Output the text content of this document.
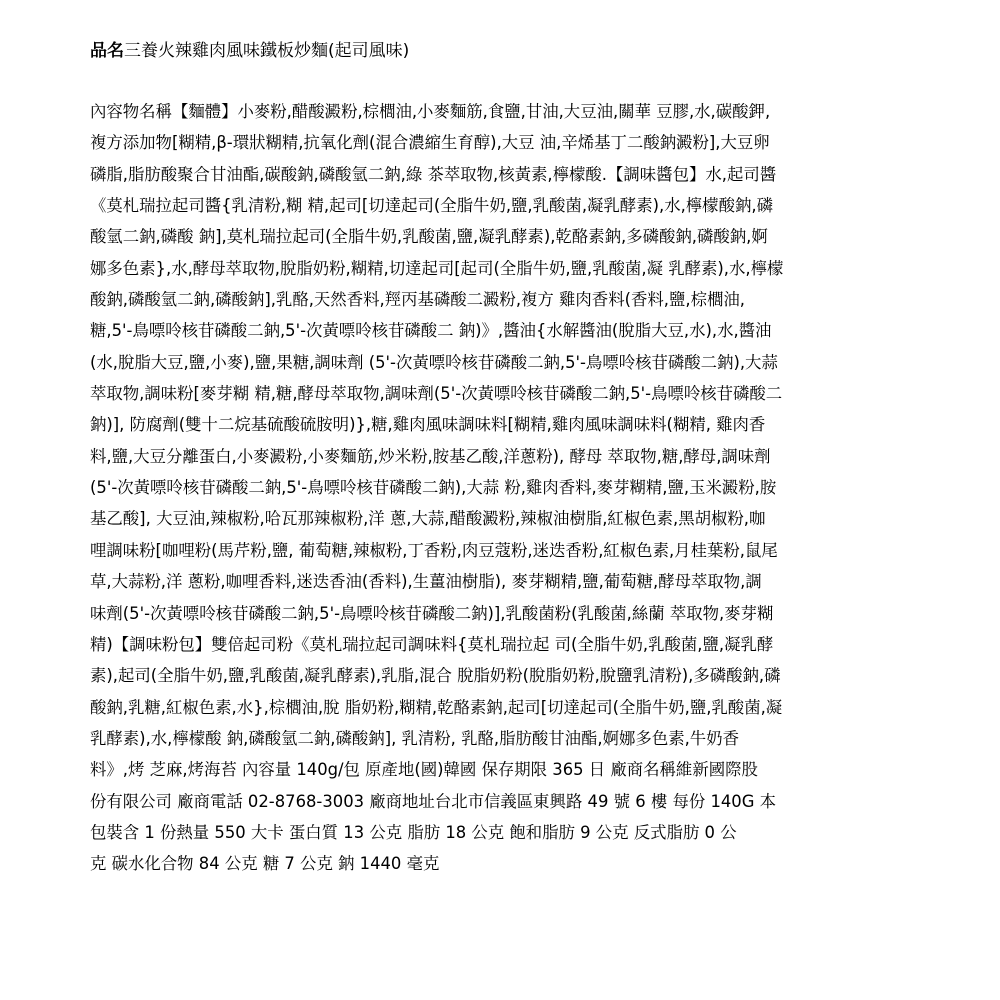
品名三養火辣雞肉風味鐵板炒麵(起司風味)
內容物名稱【麵體】小麥粉,醋酸澱粉,棕櫚油,小麥麵筋,食鹽,甘油,大豆油,關華 豆膠,水,碳酸鉀,
複方添加物[糊精,β-環狀糊精,抗氧化劑(混合濃縮生育醇),大豆 油,辛烯基丁二酸鈉澱粉],大豆卵
磷脂,脂肪酸聚合甘油酯,碳酸鈉,磷酸氫二鈉,綠 茶萃取物,核黃素,檸檬酸.【調味醬包】水,起司醬
《莫札瑞拉起司醬{乳清粉,糊 精,起司[切達起司(全脂牛奶,鹽,乳酸菌,凝乳酵素),水,檸檬酸鈉,磷
酸氫二鈉,磷酸 鈉],莫札瑞拉起司(全脂牛奶,乳酸菌,鹽,凝乳酵素),乾酪素鈉,多磷酸鈉,磷酸鈉,婀
娜多色素},水,酵母萃取物,脫脂奶粉,糊精,切達起司[起司(全脂牛奶,鹽,乳酸菌,凝 乳酵素),水,檸檬
酸鈉,磷酸氫二鈉,磷酸鈉],乳酪,天然香料,羥丙基磷酸二澱粉,複方 雞肉香料(香料,鹽,棕櫚油,
糖,5'-鳥嘌呤核苷磷酸二鈉,5'-次黃嘌呤核苷磷酸二 鈉)》,醬油{水解醬油(脫脂大豆,水),水,醬油
(水,脫脂大豆,鹽,小麥),鹽,果糖,調味劑 (5'-次黃嘌呤核苷磷酸二鈉,5'-鳥嘌呤核苷磷酸二鈉),大蒜
萃取物,調味粉[麥芽糊 精,糖,酵母萃取物,調味劑(5'-次黃嘌呤核苷磷酸二鈉,5'-鳥嘌呤核苷磷酸二
鈉)], 防腐劑(雙十二烷基硫酸硫胺明)},糖,雞肉風味調味料[糊精,雞肉風味調味料(糊精, 雞肉香
料,鹽,大豆分離蛋白,小麥澱粉,小麥麵筋,炒米粉,胺基乙酸,洋蔥粉), 酵母 萃取物,糖,酵母,調味劑
(5'-次黃嘌呤核苷磷酸二鈉,5'-鳥嘌呤核苷磷酸二鈉),大蒜 粉,雞肉香料,麥芽糊精,鹽,玉米澱粉,胺
基乙酸], 大豆油,辣椒粉,哈瓦那辣椒粉,洋 蔥,大蒜,醋酸澱粉,辣椒油樹脂,紅椒色素,黑胡椒粉,咖
哩調味粉[咖哩粉(馬芹粉,鹽, 葡萄糖,辣椒粉,丁香粉,肉豆蔻粉,迷迭香粉,紅椒色素,月桂葉粉,鼠尾
草,大蒜粉,洋 蔥粉,咖哩香料,迷迭香油(香料),生薑油樹脂), 麥芽糊精,鹽,葡萄糖,酵母萃取物,調
味劑(5'-次黃嘌呤核苷磷酸二鈉,5'-鳥嘌呤核苷磷酸二鈉)],乳酸菌粉(乳酸菌,絲蘭 萃取物,麥芽糊
精)【調味粉包】雙倍起司粉《莫札瑞拉起司調味料{莫札瑞拉起 司(全脂牛奶,乳酸菌,鹽,凝乳酵
素),起司(全脂牛奶,鹽,乳酸菌,凝乳酵素),乳脂,混合 脫脂奶粉(脫脂奶粉,脫鹽乳清粉),多磷酸鈉,磷
酸鈉,乳糖,紅椒色素,水},棕櫚油,脫 脂奶粉,糊精,乾酪素鈉,起司[切達起司(全脂牛奶,鹽,乳酸菌,凝
乳酵素),水,檸檬酸 鈉,磷酸氫二鈉,磷酸鈉], 乳清粉, 乳酪,脂肪酸甘油酯,婀娜多色素,牛奶香
料》,烤 芝麻,烤海苔 內容量 140g/包 原產地(國)韓國 保存期限 365 日 廠商名稱維新國際股
份有限公司 廠商電話 02-8768-3003 廠商地址台北市信義區東興路 49 號 6 樓 每份 140G 本
包裝含 1 份熱量 550 大卡 蛋白質 13 公克 脂肪 18 公克 飽和脂肪 9 公克 反式脂肪 0 公
克 碳水化合物 84 公克 糖 7 公克 鈉 1440 毫克
